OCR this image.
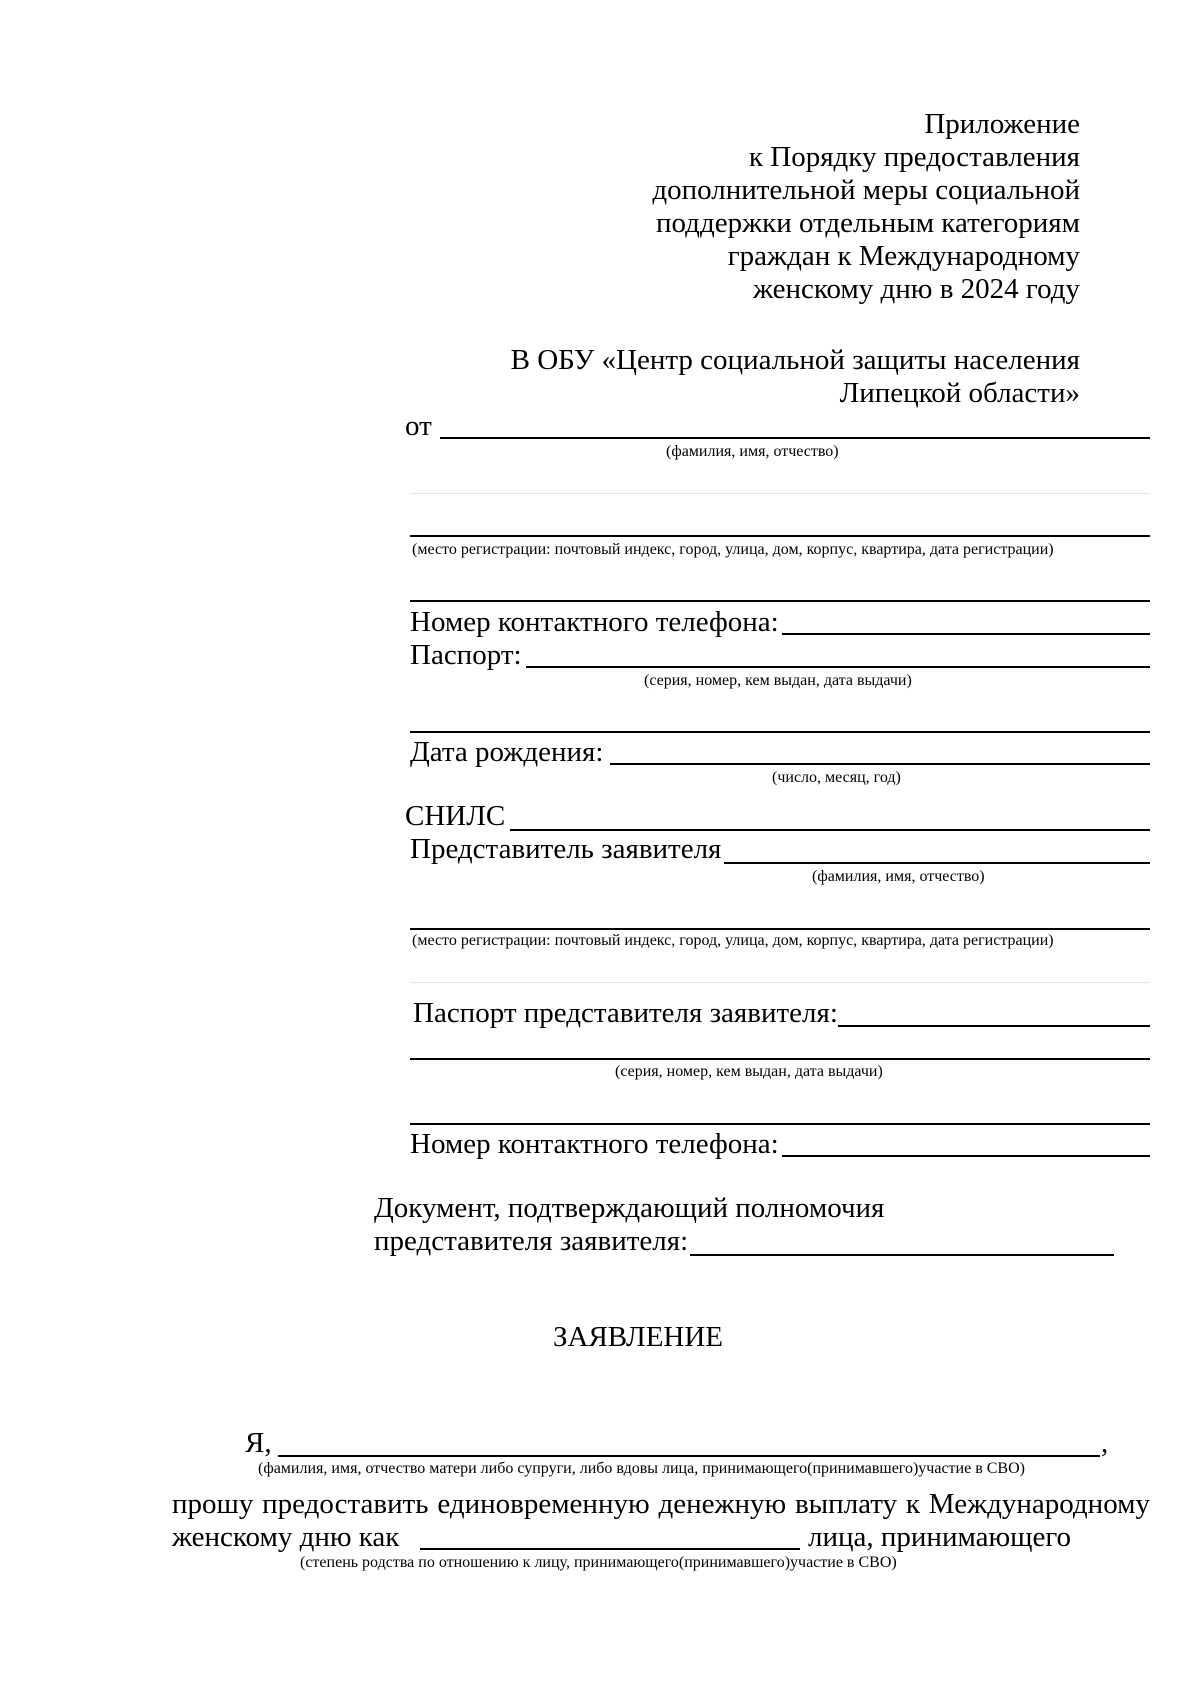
Приложение
к Порядку предоставления
дополнительной меры социальной
поддержки отдельным категориям
граждан к Международному
женскому дню в 2024 году
В ОБУ «Центр социальной защиты населения
Липецкой области»
от
(фамилия, имя, отчество)
(место регистрации: почтовый индекс, город, улица, дом, корпус, квартира, дата регистрации)
Номер контактного телефона:
Паспорт:
(серия, номер, кем выдан, дата выдачи)
Дата рождения:
(число, месяц, год)
СНИЛС
Представитель заявителя
(фамилия, имя, отчество)
(место регистрации: почтовый индекс, город, улица, дом, корпус, квартира, дата регистрации)
Паспорт представителя заявителя:
(серия, номер, кем выдан, дата выдачи)
Номер контактного телефона:
Документ, подтверждающий полномочия
представителя заявителя:
ЗАЯВЛЕНИЕ
Я,	,
(фамилия, имя, отчество матери либо супруги, либо вдовы лица, принимающего(принимавшего)участие в СВО)
прошу предоставить единовременную денежную выплату к Международному
женскому дню как	лица, принимающего
(степень родства по отношению к лицу, принимающего(принимавшего)участие в СВО)
